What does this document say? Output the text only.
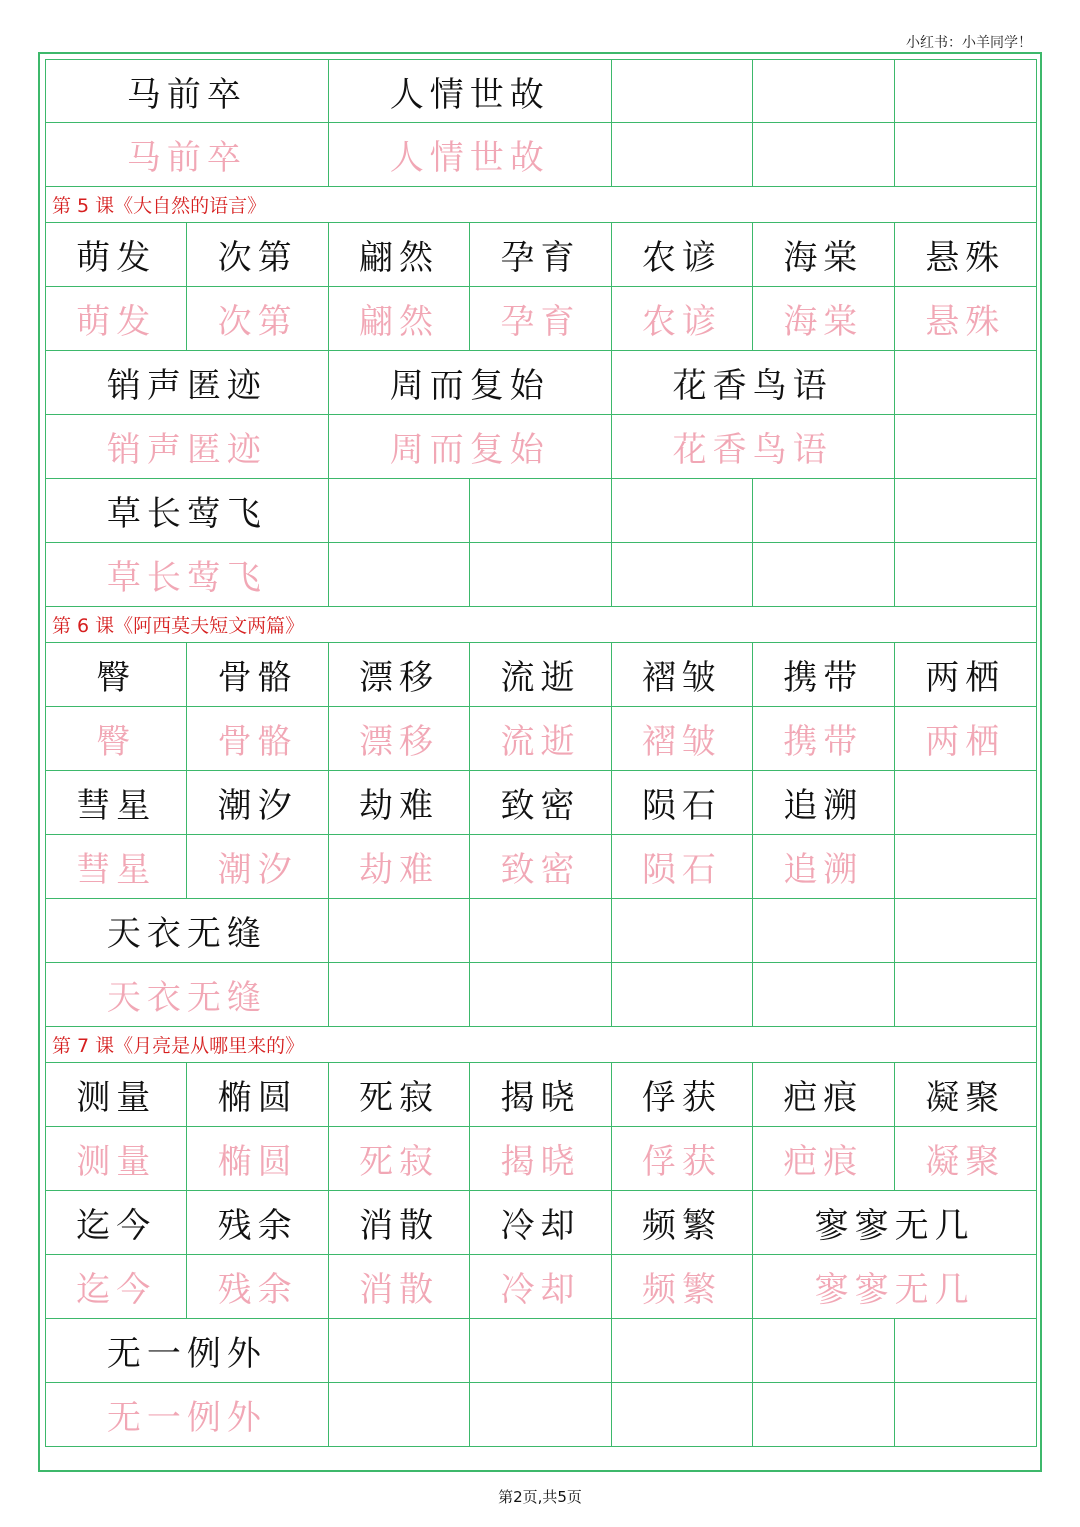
小红书：小羊同学！
马前卒	人情世故
马前卒	人情世故
第 5 课《大自然的语言》
萌发	次第	翩然	孕育	农谚	海棠	悬殊
萌发	次第	翩然	孕育	农谚	海棠	悬殊
销声匿迹	周而复始	花香鸟语
销声匿迹	周而复始	花香鸟语
草长莺飞
草长莺飞
第 6 课《阿西莫夫短文两篇》
臀	骨骼	漂移	流逝	褶皱	携带	两栖
臀	骨骼	漂移	流逝	褶皱	携带	两栖
彗星	潮汐	劫难	致密	陨石	追溯
彗星	潮汐	劫难	致密	陨石	追溯
天衣无缝
天衣无缝
第 7 课《月亮是从哪里来的》
测量	椭圆	死寂	揭晓	俘获	疤痕	凝聚
测量	椭圆	死寂	揭晓	俘获	疤痕	凝聚
迄今	残余	消散	冷却	频繁	寥寥无几
迄今	残余	消散	冷却	频繁	寥寥无几
无一例外
无一例外
第2页,共5页
